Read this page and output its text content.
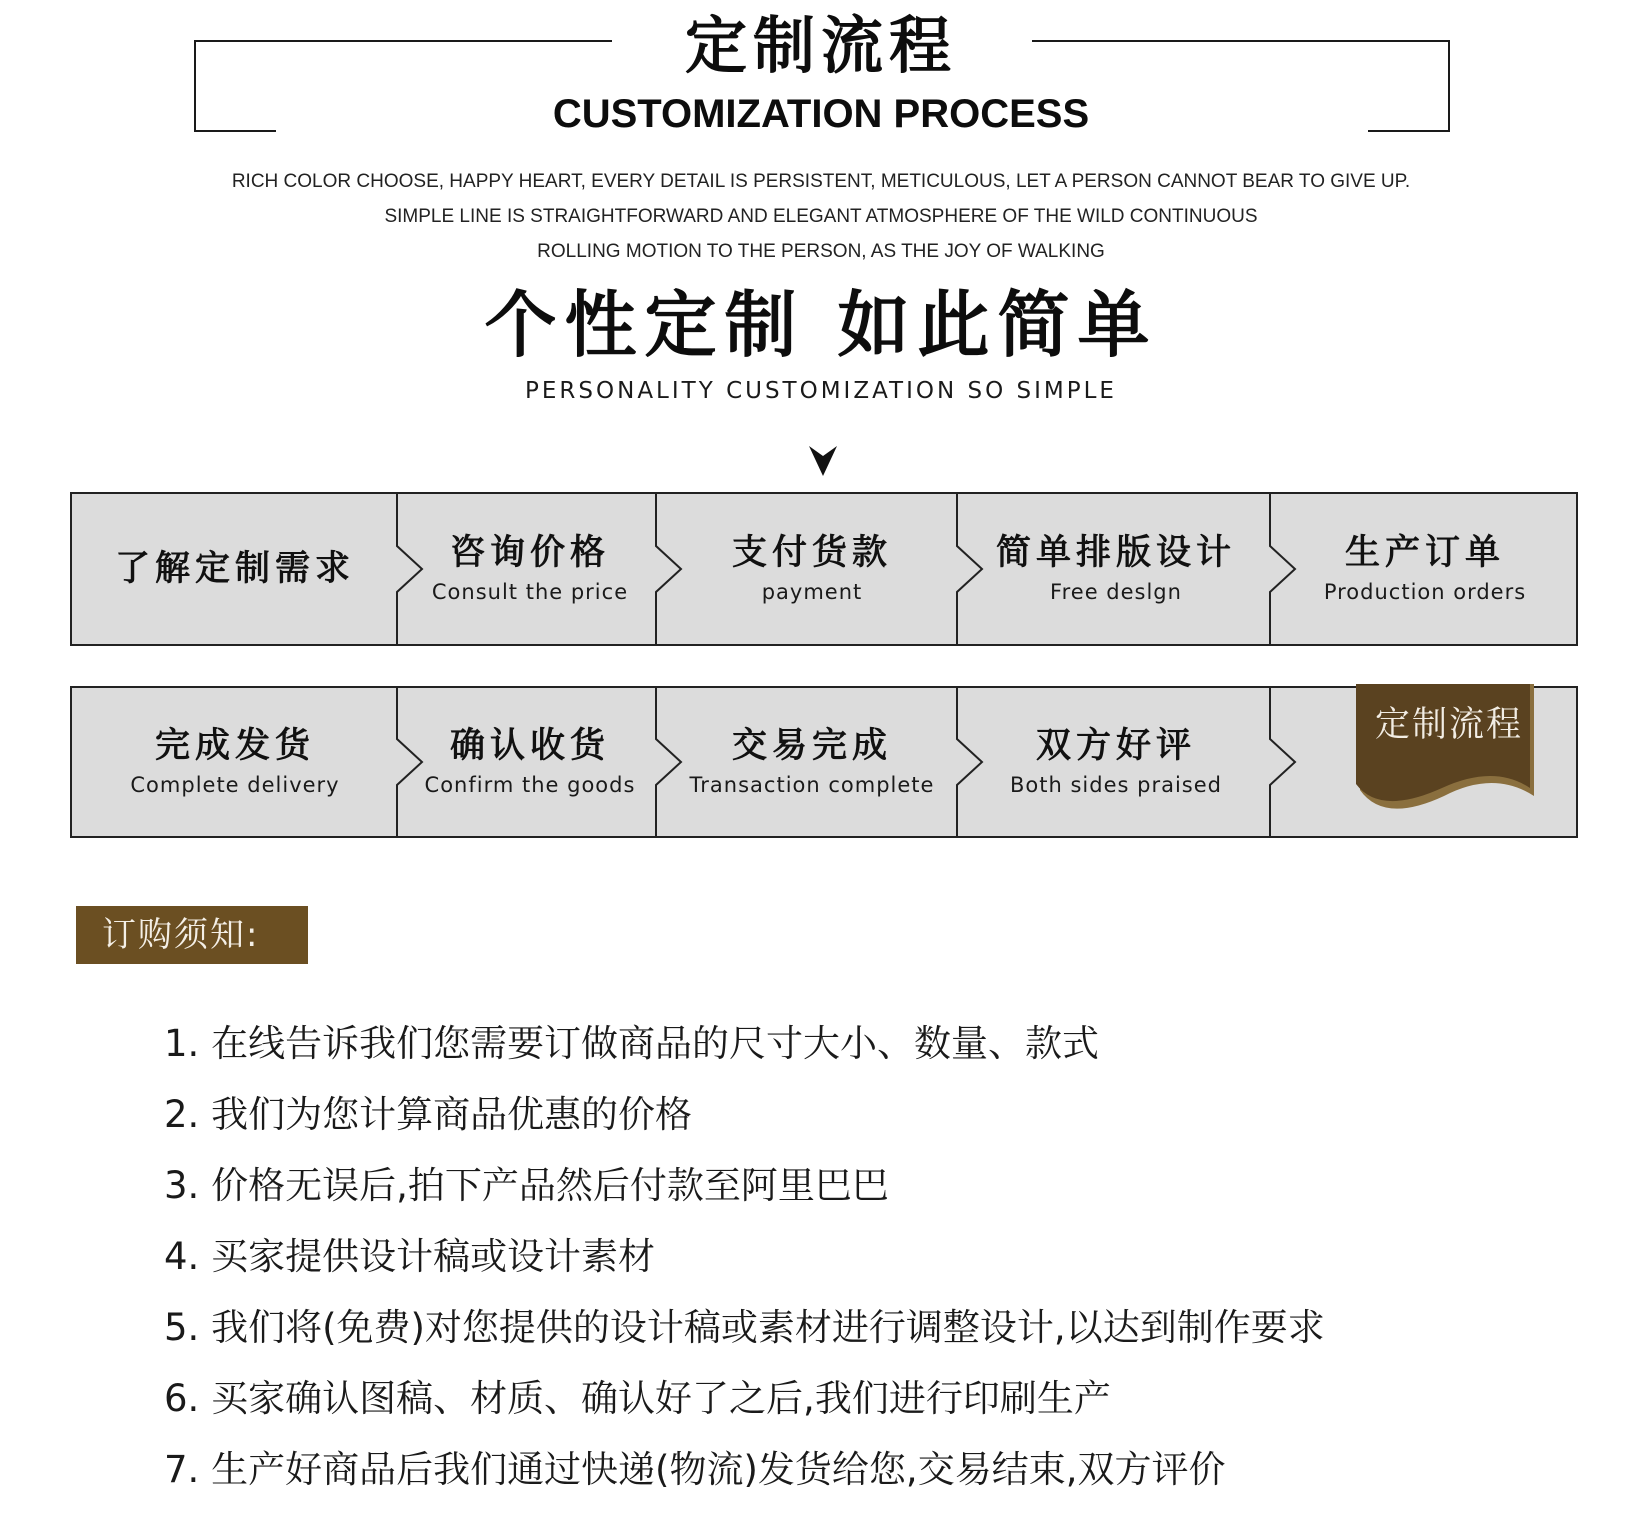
定制流程
CUSTOMIZATION PROCESS
RICH COLOR CHOOSE, HAPPY HEART, EVERY DETAIL IS PERSISTENT, METICULOUS, LET A PERSON CANNOT BEAR TO GIVE UP.
SIMPLE LINE IS STRAIGHTFORWARD AND ELEGANT ATMOSPHERE OF THE WILD CONTINUOUS
ROLLING MOTION TO THE PERSON, AS THE JOY OF WALKING
个性定制 如此简单
PERSONALITY CUSTOMIZATION SO SIMPLE
了解定制需求	咨询价格
Consult the price
支付货款
payment
简单排版设计
Free deslgn
生产订单
Production orders
完成发货
Complete delivery
确认收货
Confirm the goods
交易完成
Transaction complete
双方好评
Both sides praised
定制流程
订购须知:
1. 在线告诉我们您需要订做商品的尺寸大小、数量、款式
2. 我们为您计算商品优惠的价格
3. 价格无误后,拍下产品然后付款至阿里巴巴
4. 买家提供设计稿或设计素材
5. 我们将(免费)对您提供的设计稿或素材进行调整设计,以达到制作要求
6. 买家确认图稿、材质、确认好了之后,我们进行印刷生产
7. 生产好商品后我们通过快递(物流)发货给您,交易结束,双方评价
